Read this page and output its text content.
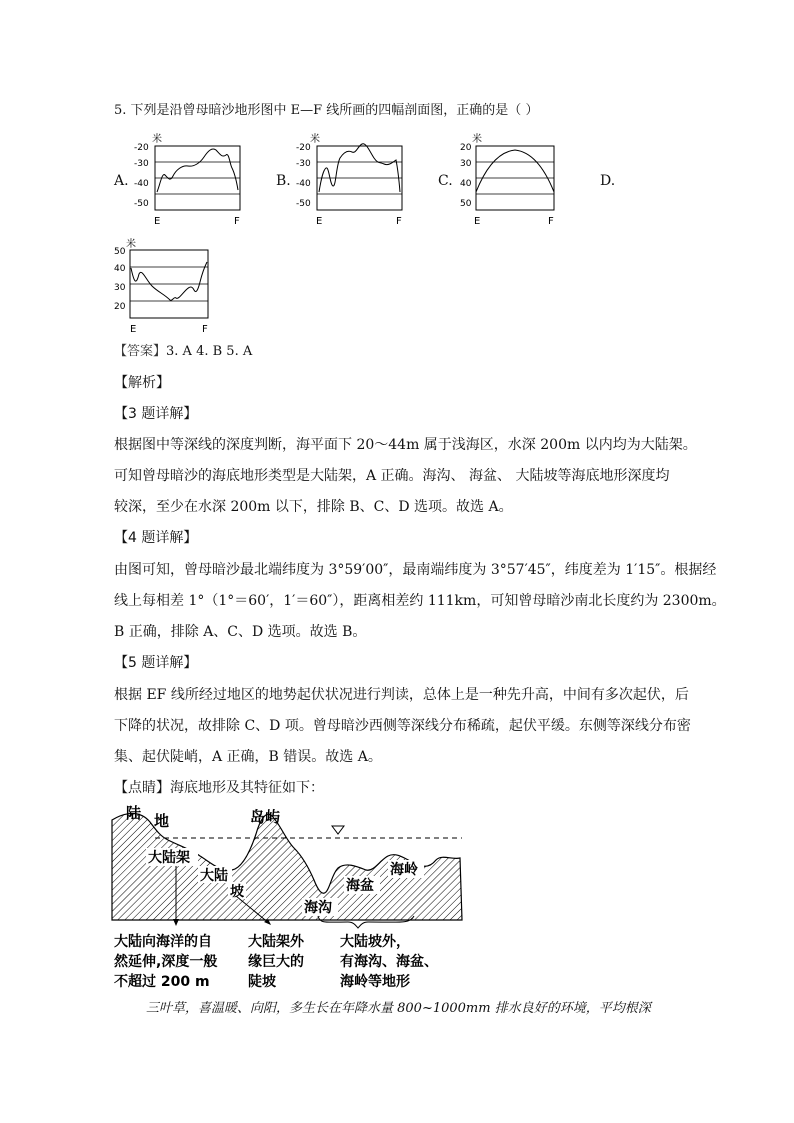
5. 下列是沿曾母暗沙地形图中 E—F 线所画的四幅剖面图，正确的是（ ）
A.	B.	C.	D.
米
-20
-30
-40
-50
E	F
米
-20
-30
-40
-50
E	F
米
20
30
40
50
E	F
米
50
40
30
20
E	F
【答案】3. A 4. B 5. A
【解析】
【3 题详解】
根据图中等深线的深度判断，海平面下 20～44m 属于浅海区，水深 200m 以内均为大陆架。
可知曾母暗沙的海底地形类型是大陆架，A 正确。海沟、 海盆、 大陆坡等海底地形深度均
较深，至少在水深 200m 以下，排除 B、C、D 选项。故选 A。
【4 题详解】
由图可知，曾母暗沙最北端纬度为 3°59′00″，最南端纬度为 3°57′45″，纬度差为 1′15″。根据经
线上每相差 1°（1°＝60′，1′＝60″），距离相差约 111km，可知曾母暗沙南北长度约为 2300m。
B 正确，排除 A、C、D 选项。故选 B。
【5 题详解】
根据 EF 线所经过地区的地势起伏状况进行判读，总体上是一种先升高，中间有多次起伏，后
下降的状况，故排除 C、D 项。曾母暗沙西侧等深线分布稀疏，起伏平缓。东侧等深线分布密
集、起伏陡峭，A 正确，B 错误。故选 A。
【点睛】海底地形及其特征如下：
陆 地	岛屿
大陆架
大陆
坡
海沟
海盆
海岭
大陆向海洋的自
然延伸,深度一般
不超过 200 m
大陆架外
缘巨大的
陡坡
大陆坡外，
有海沟、海盆、
海岭等地形
三叶草，喜温暖、向阳，多生长在年降水量 800~1000mm 排水良好的环境，平均根深
